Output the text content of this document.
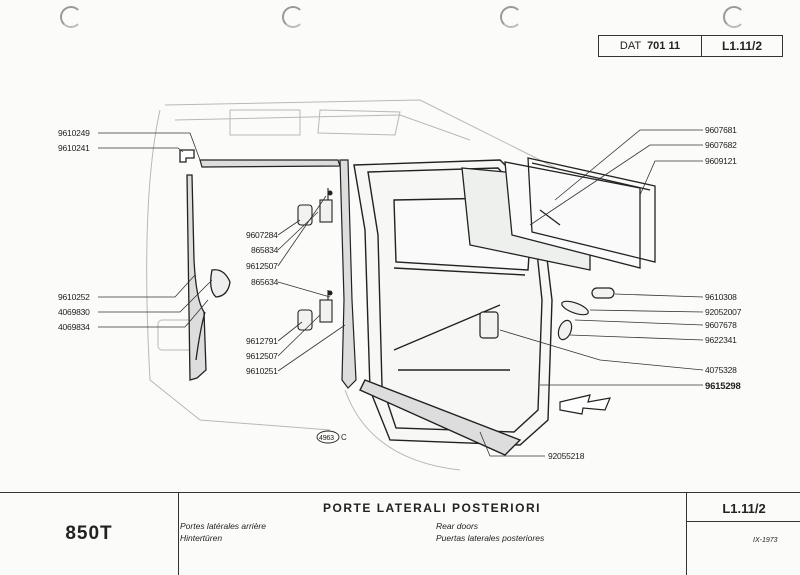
DAT 701 11	L1.11/2
9610249
9610241
9610252
4069830
4069834
9607284
865834
9612507
865634
9612791
9612507
9610251
9607681
9607682
9609121
9610308
92052007
9607678
9622341
4075328
9615298
92055218
4963 C
850T
PORTE LATERALI POSTERIORI
Portes latérales arrière
Hintertüren
Rear doors
Puertas laterales posteriores
L1.11/2
IX-1973
